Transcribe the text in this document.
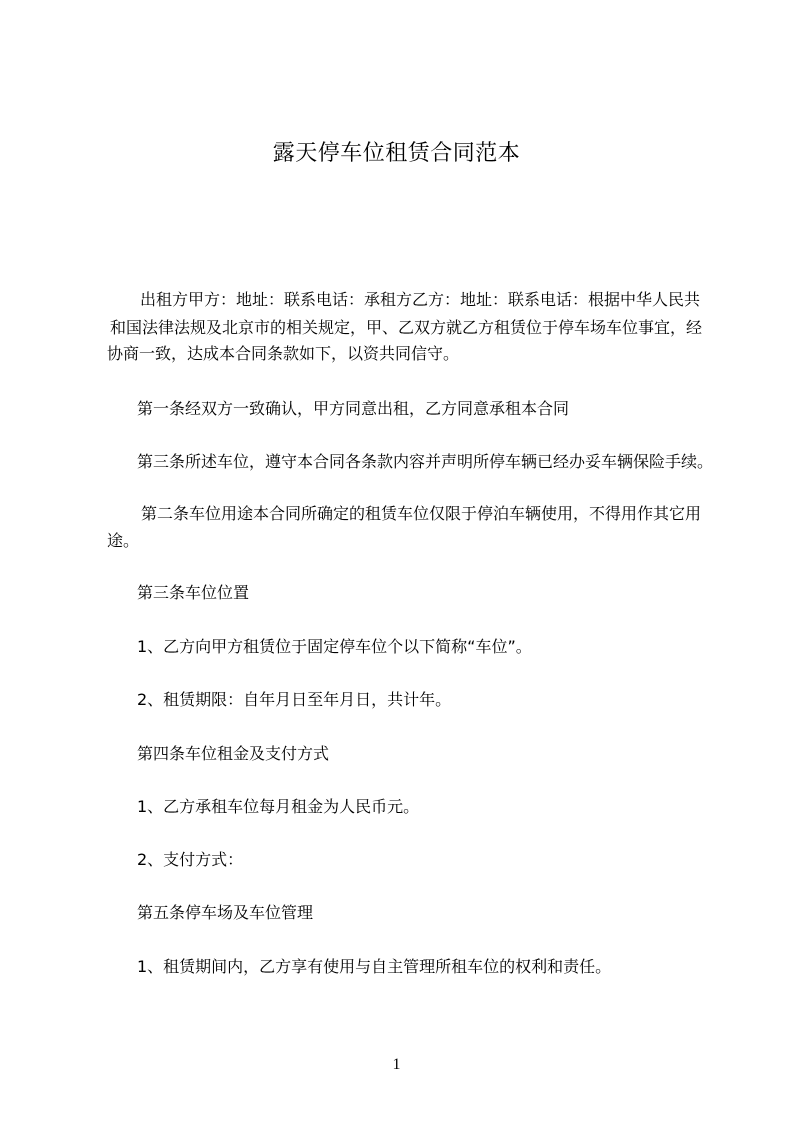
露天停车位租赁合同范本
出租方甲方：地址：联系电话：承租方乙方：地址：联系电话：根据中华人民共
和国法律法规及北京市的相关规定，甲、乙双方就乙方租赁位于停车场车位事宜，经
协商一致，达成本合同条款如下，以资共同信守。
第一条经双方一致确认，甲方同意出租，乙方同意承租本合同
第三条所述车位，遵守本合同各条款内容并声明所停车辆已经办妥车辆保险手续。
第二条车位用途本合同所确定的租赁车位仅限于停泊车辆使用，不得用作其它用
途。
第三条车位位置
1、乙方向甲方租赁位于固定停车位个以下简称“车位”。
2、租赁期限：自年月日至年月日，共计年。
第四条车位租金及支付方式
1、乙方承租车位每月租金为人民币元。
2、支付方式：
第五条停车场及车位管理
1、租赁期间内，乙方享有使用与自主管理所租车位的权利和责任。
1
